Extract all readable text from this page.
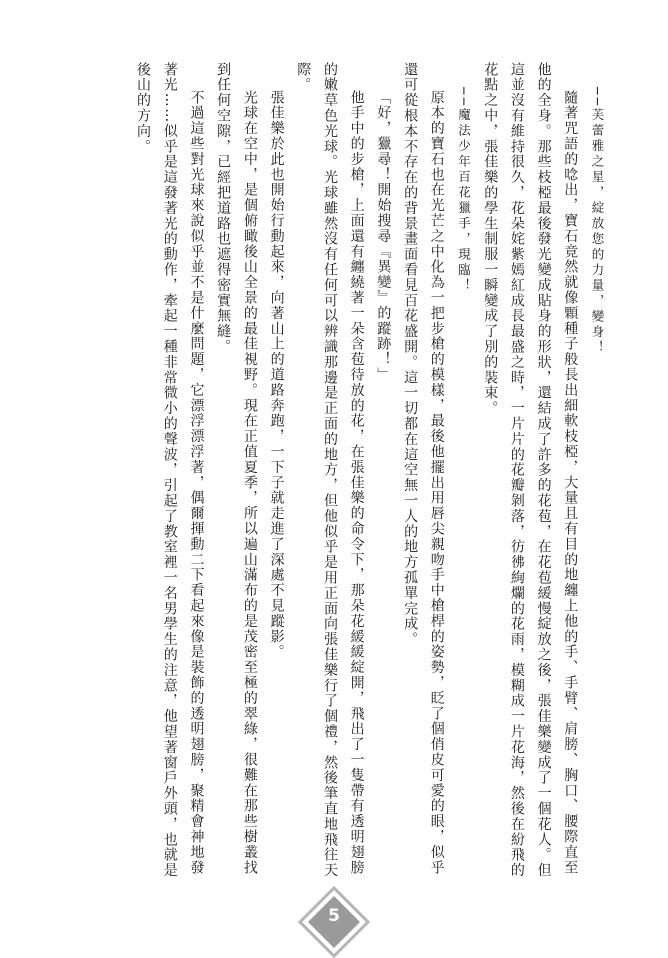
──芙蕾雅之星，綻放您的力量，變身！

隨著咒語的唸出，寶石竟然就像顆種子般長出細軟枝椏，大量且有目的地纏上他的手、手臂、肩膀、胸口、腰際直至他的全身。那些枝椏最後發光變成貼身的形狀，還結成了許多的花苞，在花苞緩慢綻放之後，張佳樂變成了一個花人。但這並沒有維持很久，花朵姹紫嫣紅成長最盛之時，一片片的花瓣剝落，彷彿絢爛的花雨，模糊成一片花海，然後在紛飛的花點之中，張佳樂的學生制服一瞬變成了別的裝束。

──魔法少年百花獵手，現臨！

原本的寶石也在光芒之中化為一把步槍的模樣，最後他擺出用唇尖親吻手中槍桿的姿勢，眨了個俏皮可愛的眼，似乎還可從根本不存在的背景畫面看見百花盛開。這一切都在這空無一人的地方孤單完成。

「好，獵尋！開始搜尋『異變』的蹤跡！」

他手中的步槍，上面還有纏繞著一朵含苞待放的花，在張佳樂的命令下，那朵花緩緩綻開，飛出了一隻帶有透明翅膀的嫩草色光球。光球雖然沒有任何可以辨識那邊是正面的地方，但他似乎是用正面向張佳樂行了個禮，然後筆直地飛往天際。

張佳樂於此也開始行動起來，向著山上的道路奔跑，一下子就走進了深處不見蹤影。

光球在空中，是個俯瞰後山全景的最佳視野。現在正值夏季，所以遍山滿布的是茂密至極的翠綠，很難在那些樹叢找到任何空隙，已經把道路也遮得密實無縫。

不過這些對光球來說似乎並不是什麼問題，它漂浮漂浮著，偶爾揮動二下看起來像是裝飾的透明翅膀，聚精會神地發著光……似乎是這發著光的動作，牽起一種非常微小的聲波，引起了教室裡一名男學生的注意，他望著窗戶外頭，也就是後山的方向。

5
